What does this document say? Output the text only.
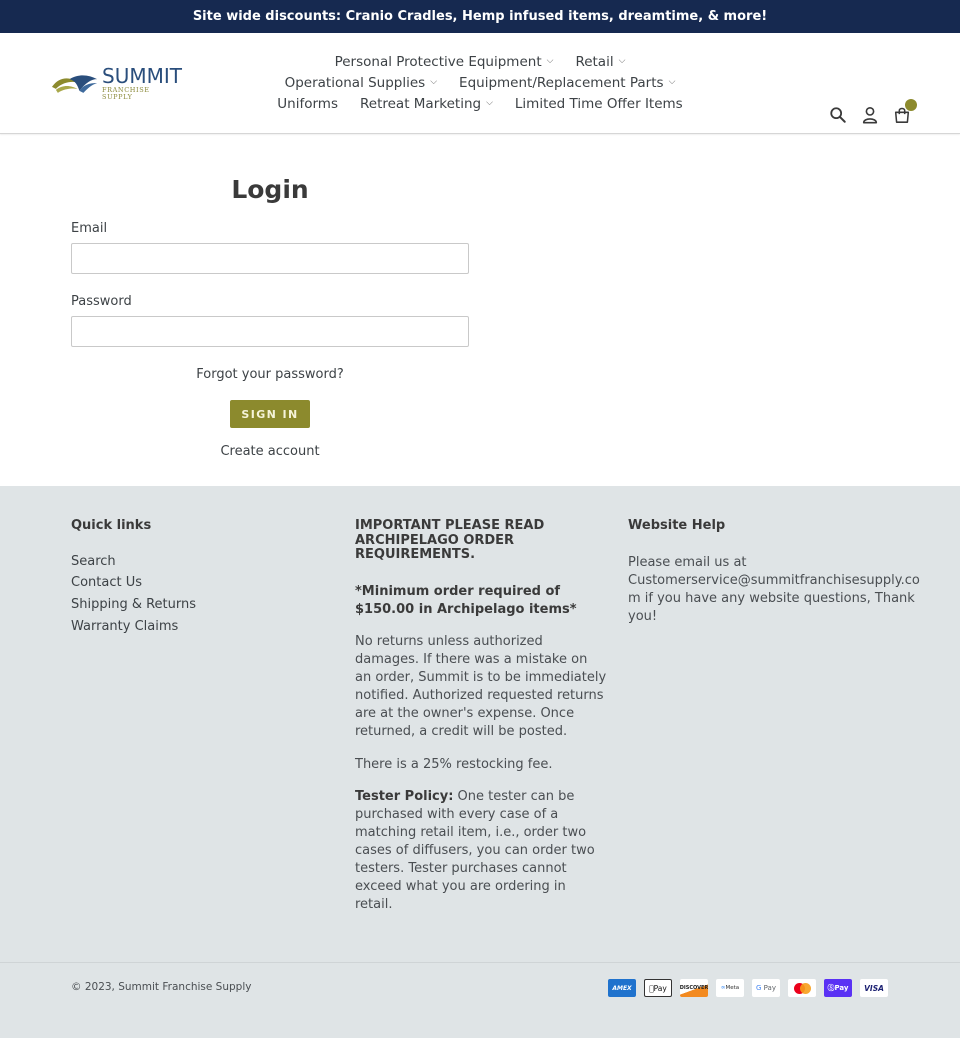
Site wide discounts: Cranio Cradles, Hemp infused items, dreamtime, & more!
SUMMIT
FRANCHISE SUPPLY
Personal Protective Equipment ⌵ Retail ⌵
Operational Supplies ⌵ Equipment/Replacement Parts ⌵
Uniforms Retreat Marketing ⌵ Limited Time Offer Items
Login
Email
Password
Forgot your password?
SIGN IN
Create account
Quick links
Search
Contact Us
Shipping & Returns
Warranty Claims
IMPORTANT PLEASE READ ARCHIPELAGO ORDER REQUIREMENTS.

*Minimum order required of $150.00 in Archipelago items*

No returns unless authorized damages. If there was a mistake on an order, Summit is to be immediately notified. Authorized requested returns are at the owner's expense. Once returned, a credit will be posted.

There is a 25% restocking fee.

Tester Policy: One tester can be purchased with every case of a matching retail item, i.e., order two cases of diffusers, you can order two testers. Tester purchases cannot exceed what you are ordering in retail.

Website Help

Please email us at Customerservice@summitfranchisesupply.com if you have any website questions, Thank you!

© 2023, Summit Franchise Supply	AMEX	Pay	DISCOVER ∞ Meta	G Pay	ⓈPay	VISA
